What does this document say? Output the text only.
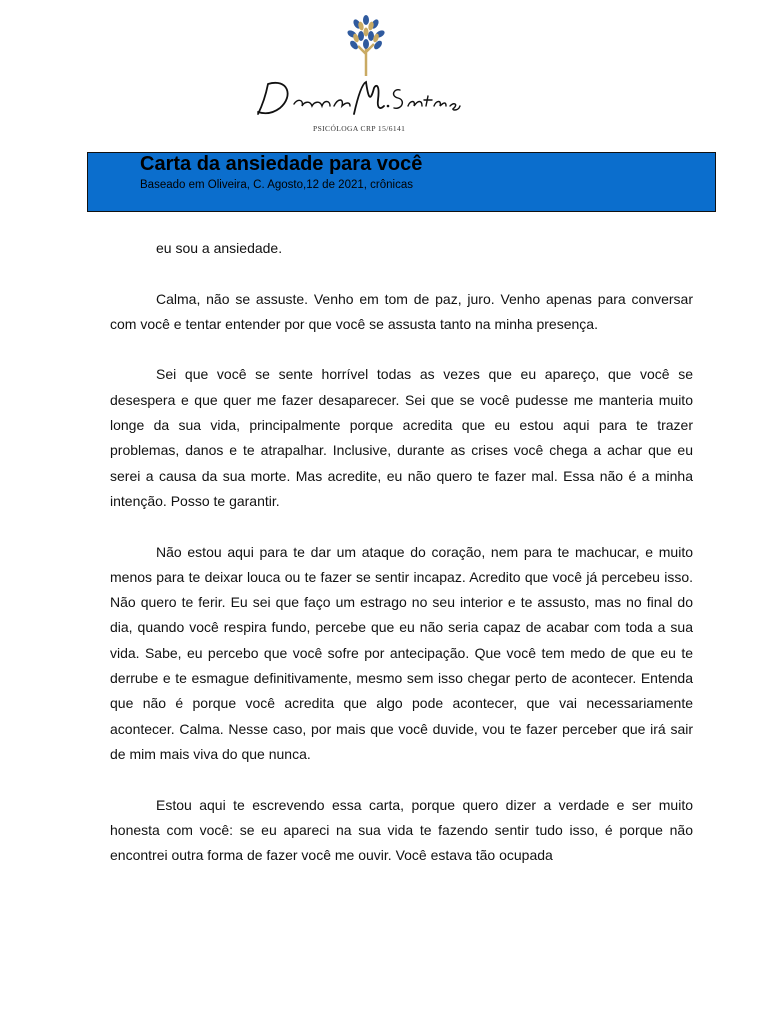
PSICÓLOGA CRP 15/6141
Carta da ansiedade para você
Baseado em Oliveira, C. Agosto,12 de 2021, crônicas

eu sou a ansiedade.

Calma, não se assuste. Venho em tom de paz, juro. Venho apenas para conversar com você e tentar entender por que você se assusta tanto na minha presença.

Sei que você se sente horrível todas as vezes que eu apareço, que você se desespera e que quer me fazer desaparecer. Sei que se você pudesse me manteria muito longe da sua vida, principalmente porque acredita que eu estou aqui para te trazer problemas, danos e te atrapalhar. Inclusive, durante as crises você chega a achar que eu serei a causa da sua morte. Mas acredite, eu não quero te fazer mal. Essa não é a minha intenção. Posso te garantir.

Não estou aqui para te dar um ataque do coração, nem para te machucar, e muito menos para te deixar louca ou te fazer se sentir incapaz. Acredito que você já percebeu isso. Não quero te ferir. Eu sei que faço um estrago no seu interior e te assusto, mas no final do dia, quando você respira fundo, percebe que eu não seria capaz de acabar com toda a sua vida. Sabe, eu percebo que você sofre por antecipação. Que você tem medo de que eu te derrube e te esmague definitivamente, mesmo sem isso chegar perto de acontecer. Entenda que não é porque você acredita que algo pode acontecer, que vai necessariamente acontecer. Calma. Nesse caso, por mais que você duvide, vou te fazer perceber que irá sair de mim mais viva do que nunca.

Estou aqui te escrevendo essa carta, porque quero dizer a verdade e ser muito honesta com você: se eu apareci na sua vida te fazendo sentir tudo isso, é porque não encontrei outra forma de fazer você me ouvir. Você estava tão ocupada
